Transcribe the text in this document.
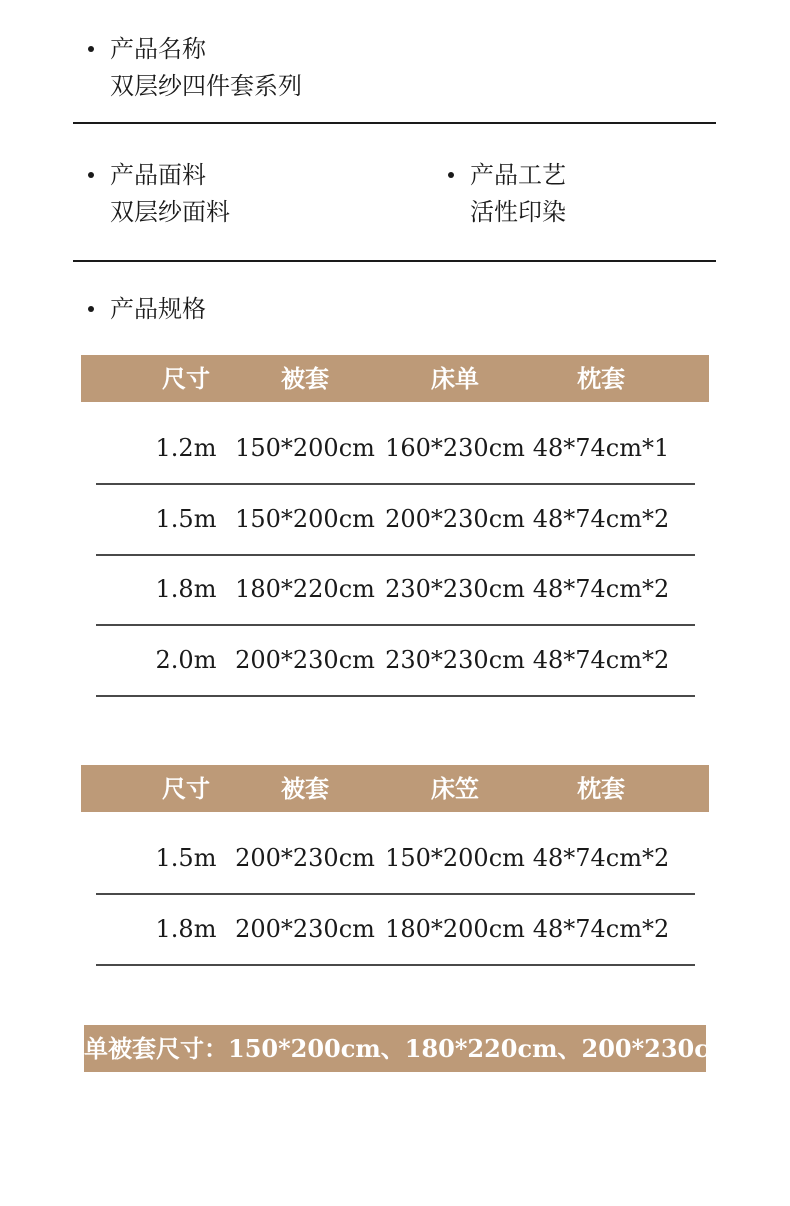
产品名称
双层纱四件套系列
产品面料
双层纱面料
产品工艺
活性印染
产品规格
尺寸	被套	床单	枕套
1.2m 150*200cm 160*230cm 48*74cm*1
1.5m 150*200cm 200*230cm 48*74cm*2
1.8m 180*220cm 230*230cm 48*74cm*2
2.0m 200*230cm 230*230cm 48*74cm*2
尺寸	被套	床笠	枕套
1.5m 200*230cm 150*200cm 48*74cm*2
1.8m 200*230cm 180*200cm 48*74cm*2
单被套尺寸：150*200cm、180*220cm、200*230cm
